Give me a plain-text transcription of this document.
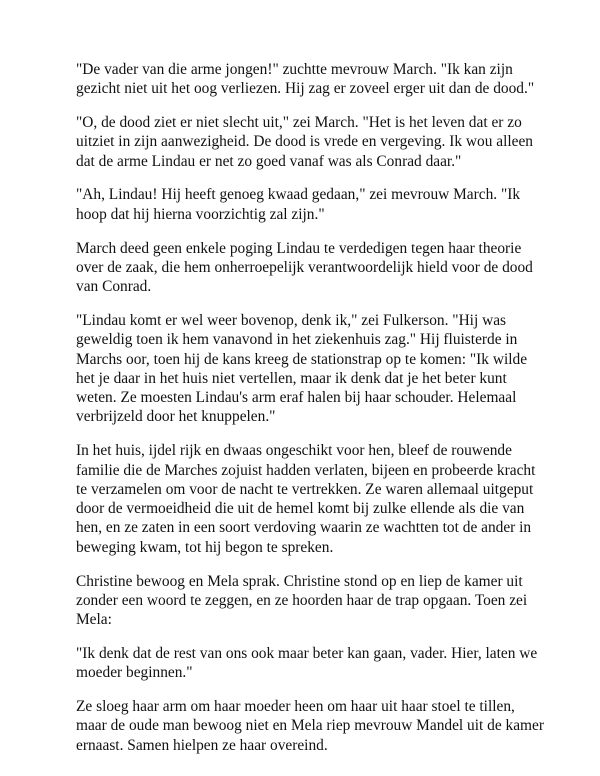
"De vader van die arme jongen!" zuchtte mevrouw March. "Ik kan zijn
gezicht niet uit het oog verliezen. Hij zag er zoveel erger uit dan de dood."

"O, de dood ziet er niet slecht uit," zei March. "Het is het leven dat er zo
uitziet in zijn aanwezigheid. De dood is vrede en vergeving. Ik wou alleen
dat de arme Lindau er net zo goed vanaf was als Conrad daar."

"Ah, Lindau! Hij heeft genoeg kwaad gedaan," zei mevrouw March. "Ik
hoop dat hij hierna voorzichtig zal zijn."

March deed geen enkele poging Lindau te verdedigen tegen haar theorie
over de zaak, die hem onherroepelijk verantwoordelijk hield voor de dood
van Conrad.

"Lindau komt er wel weer bovenop, denk ik," zei Fulkerson. "Hij was
geweldig toen ik hem vanavond in het ziekenhuis zag." Hij fluisterde in
Marchs oor, toen hij de kans kreeg de stationstrap op te komen: "Ik wilde
het je daar in het huis niet vertellen, maar ik denk dat je het beter kunt
weten. Ze moesten Lindau's arm eraf halen bij haar schouder. Helemaal
verbrijzeld door het knuppelen."

In het huis, ijdel rijk en dwaas ongeschikt voor hen, bleef de rouwende
familie die de Marches zojuist hadden verlaten, bijeen en probeerde kracht
te verzamelen om voor de nacht te vertrekken. Ze waren allemaal uitgeput
door de vermoeidheid die uit de hemel komt bij zulke ellende als die van
hen, en ze zaten in een soort verdoving waarin ze wachtten tot de ander in
beweging kwam, tot hij begon te spreken.

Christine bewoog en Mela sprak. Christine stond op en liep de kamer uit
zonder een woord te zeggen, en ze hoorden haar de trap opgaan. Toen zei
Mela:

"Ik denk dat de rest van ons ook maar beter kan gaan, vader. Hier, laten we
moeder beginnen."

Ze sloeg haar arm om haar moeder heen om haar uit haar stoel te tillen,
maar de oude man bewoog niet en Mela riep mevrouw Mandel uit de kamer
ernaast. Samen hielpen ze haar overeind.
